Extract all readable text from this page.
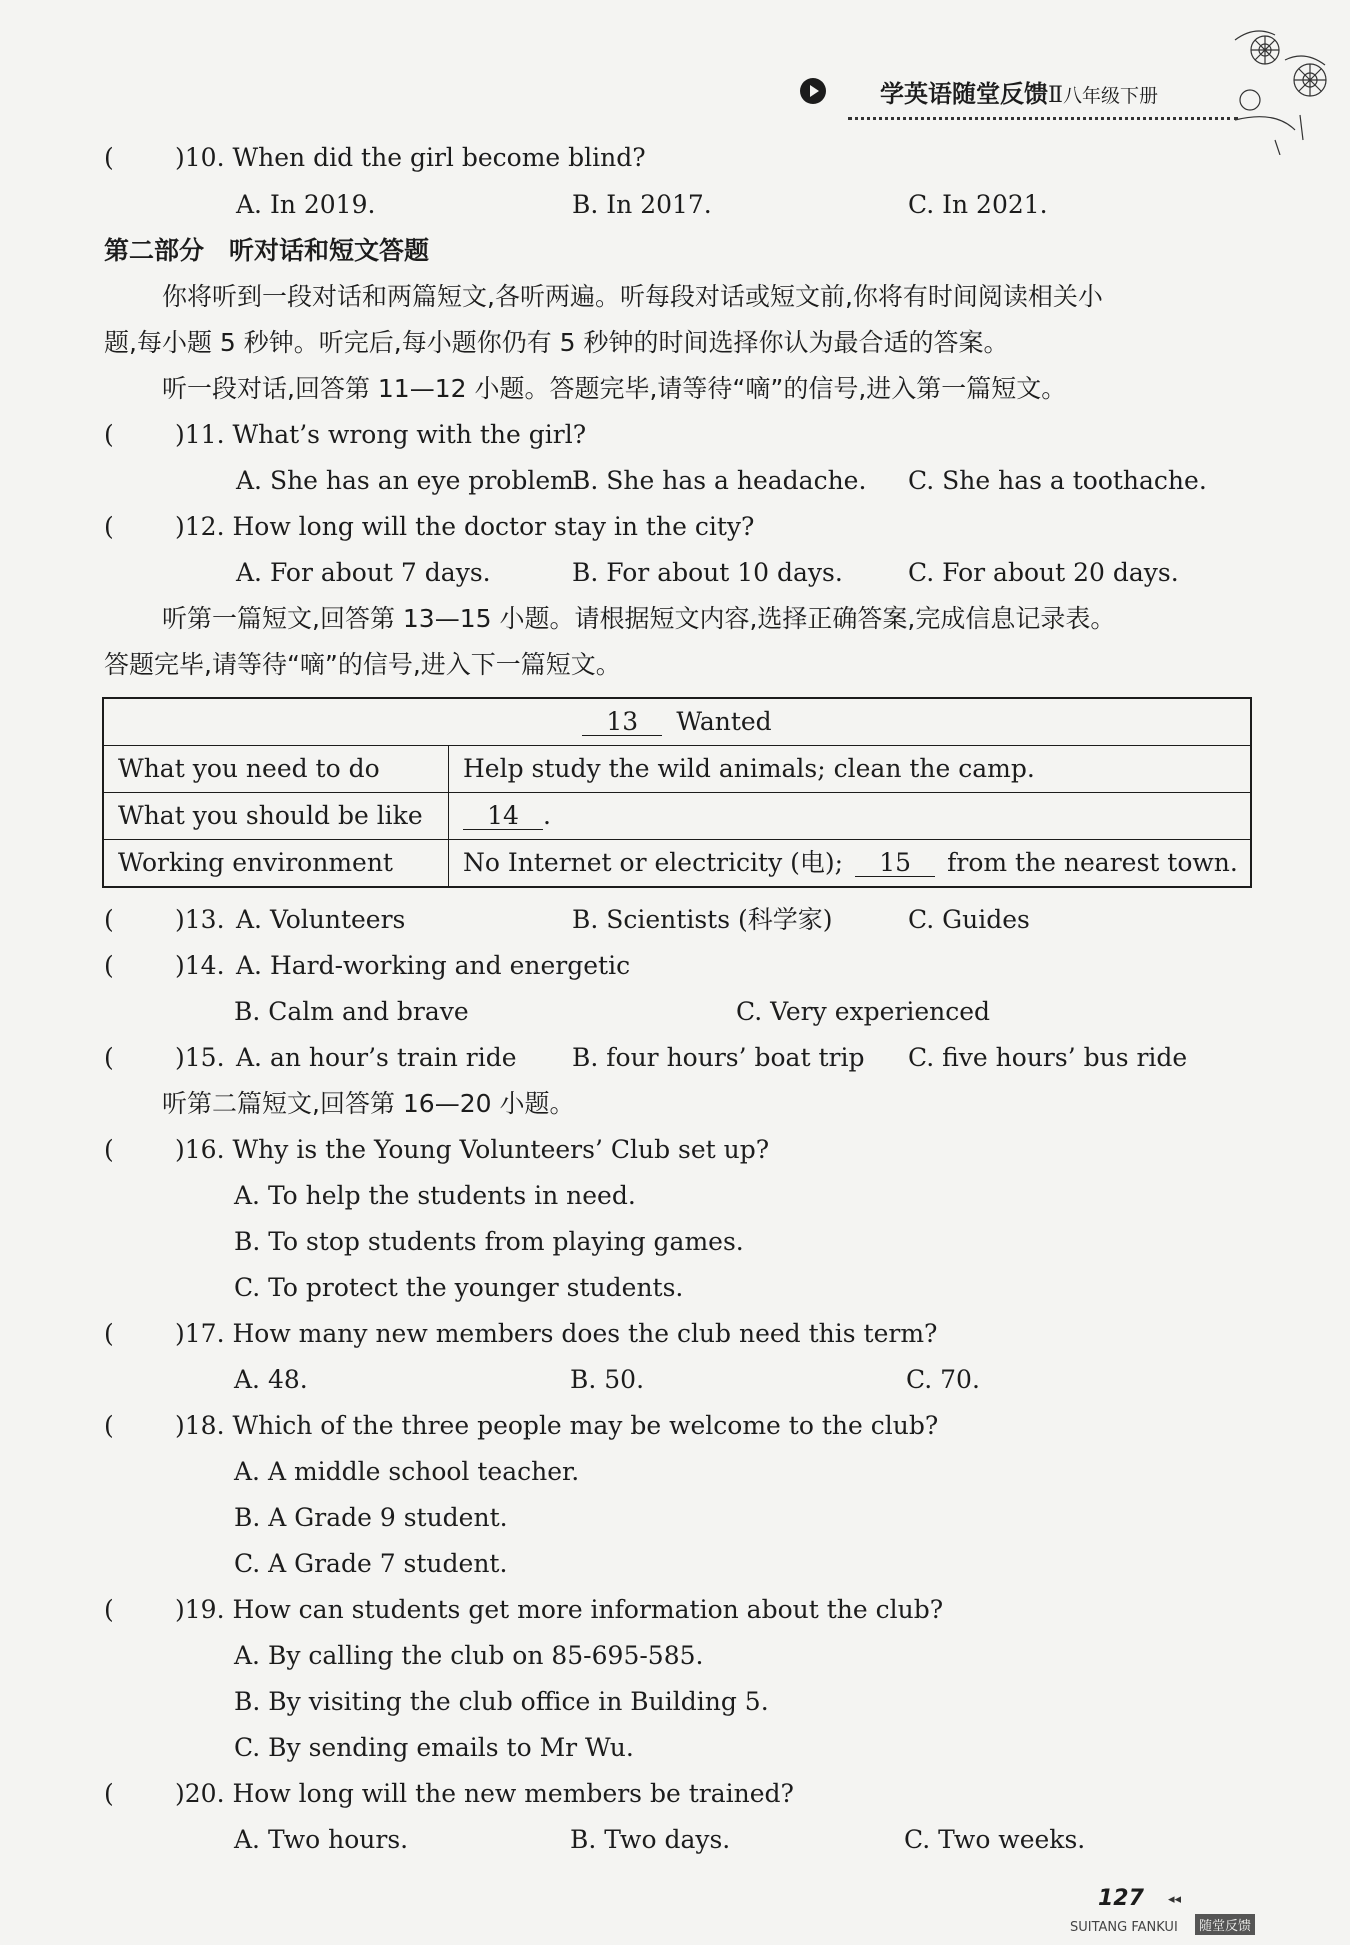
学英语随堂反馈Ⅱ八年级下册
( )10. When did the girl become blind?
A. In 2019.	B. In 2017.	C. In 2021.
第二部分　听对话和短文答题
你将听到一段对话和两篇短文,各听两遍。听每段对话或短文前,你将有时间阅读相关小
题,每小题 5 秒钟。听完后,每小题你仍有 5 秒钟的时间选择你认为最合适的答案。
听一段对话,回答第 11—12 小题。答题完毕,请等待“嘀”的信号,进入第一篇短文。
( )11. What’s wrong with the girl?
A. She has an eye problem.
B. She has a headache. C. She has a toothache.
( )12. How long will the doctor stay in the city?
A. For about 7 days.	B. For about 10 days.	C. For about 20 days.
听第一篇短文,回答第 13—15 小题。请根据短文内容,选择正确答案,完成信息记录表。
答题完毕,请等待“嘀”的信号,进入下一篇短文。
13	Wanted
What you need to do	Help study the wild animals; clean the camp.
What you should be like	14 .
Working environment	No Internet or electricity (电);	15	from the nearest town.
( )13. A. Volunteers	B. Scientists (科学家)	C. Guides
( )14. A. Hard-working and energetic
B. Calm and brave	C. Very experienced
( )15. A. an hour’s train ride B. four hours’ boat trip C. five hours’ bus ride
听第二篇短文,回答第 16—20 小题。
( )16. Why is the Young Volunteers’ Club set up?
A. To help the students in need.
B. To stop students from playing games.
C. To protect the younger students.
( )17. How many new members does the club need this term?
A. 48.	B. 50.	C. 70.
( )18. Which of the three people may be welcome to the club?
A. A middle school teacher.
B. A Grade 9 student.
C. A Grade 7 student.
( )19. How can students get more information about the club?
A. By calling the club on 85-695-585.
B. By visiting the club office in Building 5.
C. By sending emails to Mr Wu.
( )20. How long will the new members be trained?
A. Two hours.	B. Two days.	C. Two weeks.
127 ◂◂
SUITANG FANKUI	随堂反馈
